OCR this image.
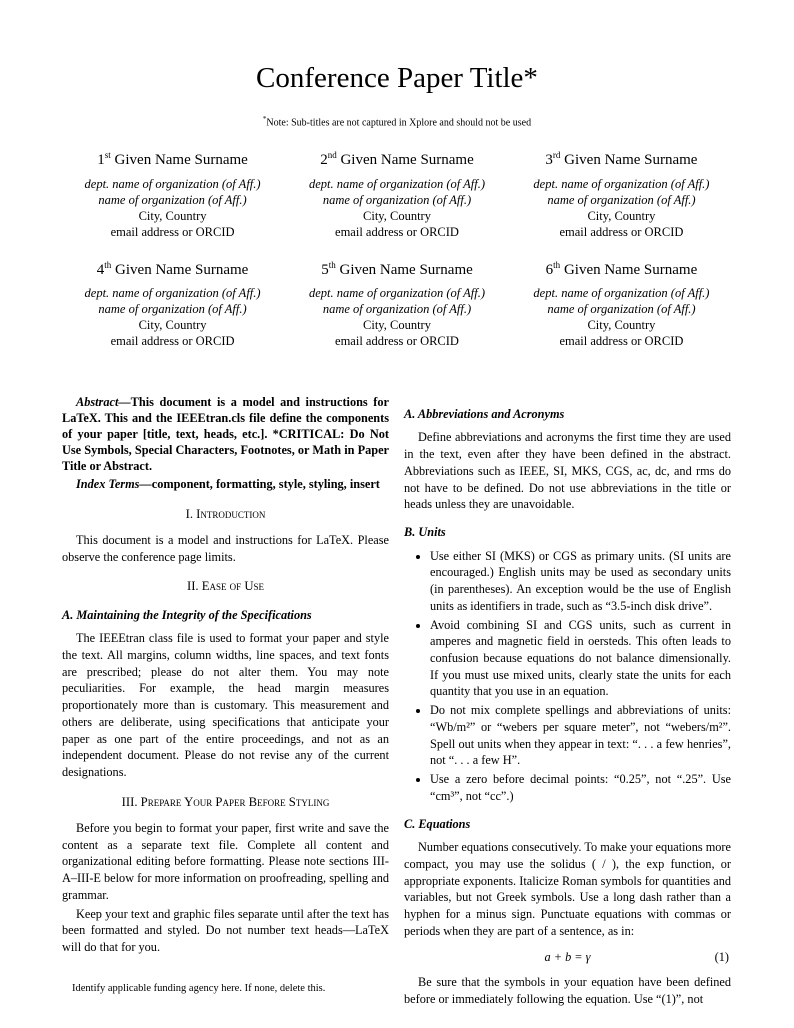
Conference Paper Title*
*Note: Sub-titles are not captured in Xplore and should not be used
1st Given Name Surname
dept. name of organization (of Aff.)
name of organization (of Aff.)
City, Country
email address or ORCID
2nd Given Name Surname
dept. name of organization (of Aff.)
name of organization (of Aff.)
City, Country
email address or ORCID
3rd Given Name Surname
dept. name of organization (of Aff.)
name of organization (of Aff.)
City, Country
email address or ORCID
4th Given Name Surname
dept. name of organization (of Aff.)
name of organization (of Aff.)
City, Country
email address or ORCID
5th Given Name Surname
dept. name of organization (of Aff.)
name of organization (of Aff.)
City, Country
email address or ORCID
6th Given Name Surname
dept. name of organization (of Aff.)
name of organization (of Aff.)
City, Country
email address or ORCID

Abstract—This document is a model and instructions for LaTeX. This and the IEEEtran.cls file define the components of your paper [title, text, heads, etc.]. *CRITICAL: Do Not Use Symbols, Special Characters, Footnotes, or Math in Paper Title or Abstract.

Index Terms—component, formatting, style, styling, insert

I. Introduction

This document is a model and instructions for LaTeX. Please observe the conference page limits.

II. Ease of Use
A. Maintaining the Integrity of the Specifications

The IEEEtran class file is used to format your paper and style the text. All margins, column widths, line spaces, and text fonts are prescribed; please do not alter them. You may note peculiarities. For example, the head margin measures proportionately more than is customary. This measurement and others are deliberate, using specifications that anticipate your paper as one part of the entire proceedings, and not as an independent document. Please do not revise any of the current designations.

III. Prepare Your Paper Before Styling

Before you begin to format your paper, first write and save the content as a separate text file. Complete all content and organizational editing before formatting. Please note sections III-A–III-E below for more information on proofreading, spelling and grammar.

Keep your text and graphic files separate until after the text has been formatted and styled. Do not number text heads—LaTeX will do that for you.

Identify applicable funding agency here. If none, delete this.
A. Abbreviations and Acronyms

Define abbreviations and acronyms the first time they are used in the text, even after they have been defined in the abstract. Abbreviations such as IEEE, SI, MKS, CGS, ac, dc, and rms do not have to be defined. Do not use abbreviations in the title or heads unless they are unavoidable.

B. Units
• Use either SI (MKS) or CGS as primary units. (SI units are encouraged.) English units may be used as secondary units (in parentheses). An exception would be the use of English units as identifiers in trade, such as “3.5-inch disk drive”.
• Avoid combining SI and CGS units, such as current in amperes and magnetic field in oersteds. This often leads to confusion because equations do not balance dimensionally. If you must use mixed units, clearly state the units for each quantity that you use in an equation.
• Do not mix complete spellings and abbreviations of units: “Wb/m²” or “webers per square meter”, not “webers/m²”. Spell out units when they appear in text: “. . . a few henries”, not “. . . a few H”.
• Use a zero before decimal points: “0.25”, not “.25”. Use “cm³”, not “cc”.)
C. Equations

Number equations consecutively. To make your equations more compact, you may use the solidus ( / ), the exp function, or appropriate exponents. Italicize Roman symbols for quantities and variables, but not Greek symbols. Use a long dash rather than a hyphen for a minus sign. Punctuate equations with commas or periods when they are part of a sentence, as in:

a + b = γ	(1)

Be sure that the symbols in your equation have been defined before or immediately following the equation. Use “(1)”, not
